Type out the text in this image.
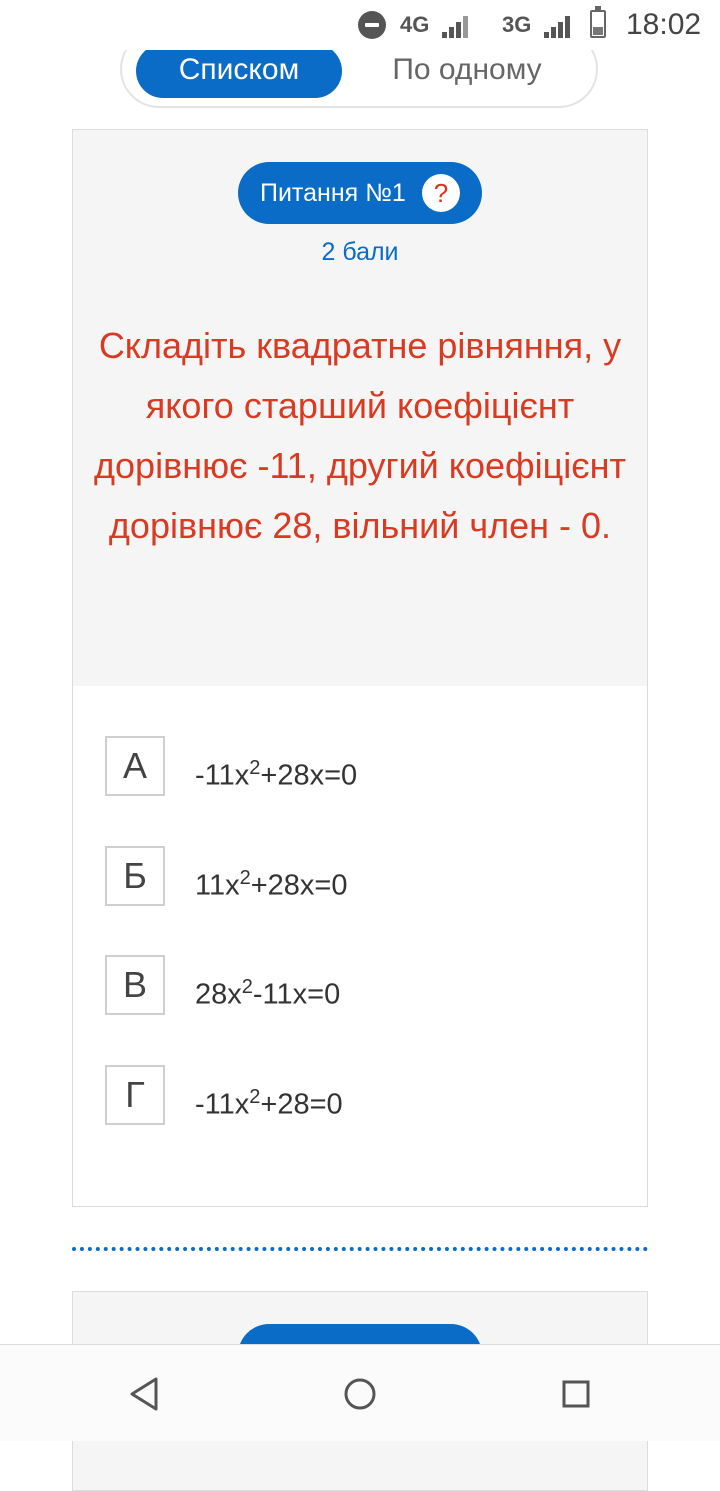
4G	3G	18:02
Списком	По одному
Питання №1	?
2 бали
Складіть квадратне рівняння, у якого старший коефіцієнт дорівнює -11, другий коефіцієнт дорівнює 28, вільний член - 0.
А	$-11x^2+28x=0$
Б	$11x^2+28x=0$
В	$28x^2-11x=0$
Г	$-11x^2+28=0$
